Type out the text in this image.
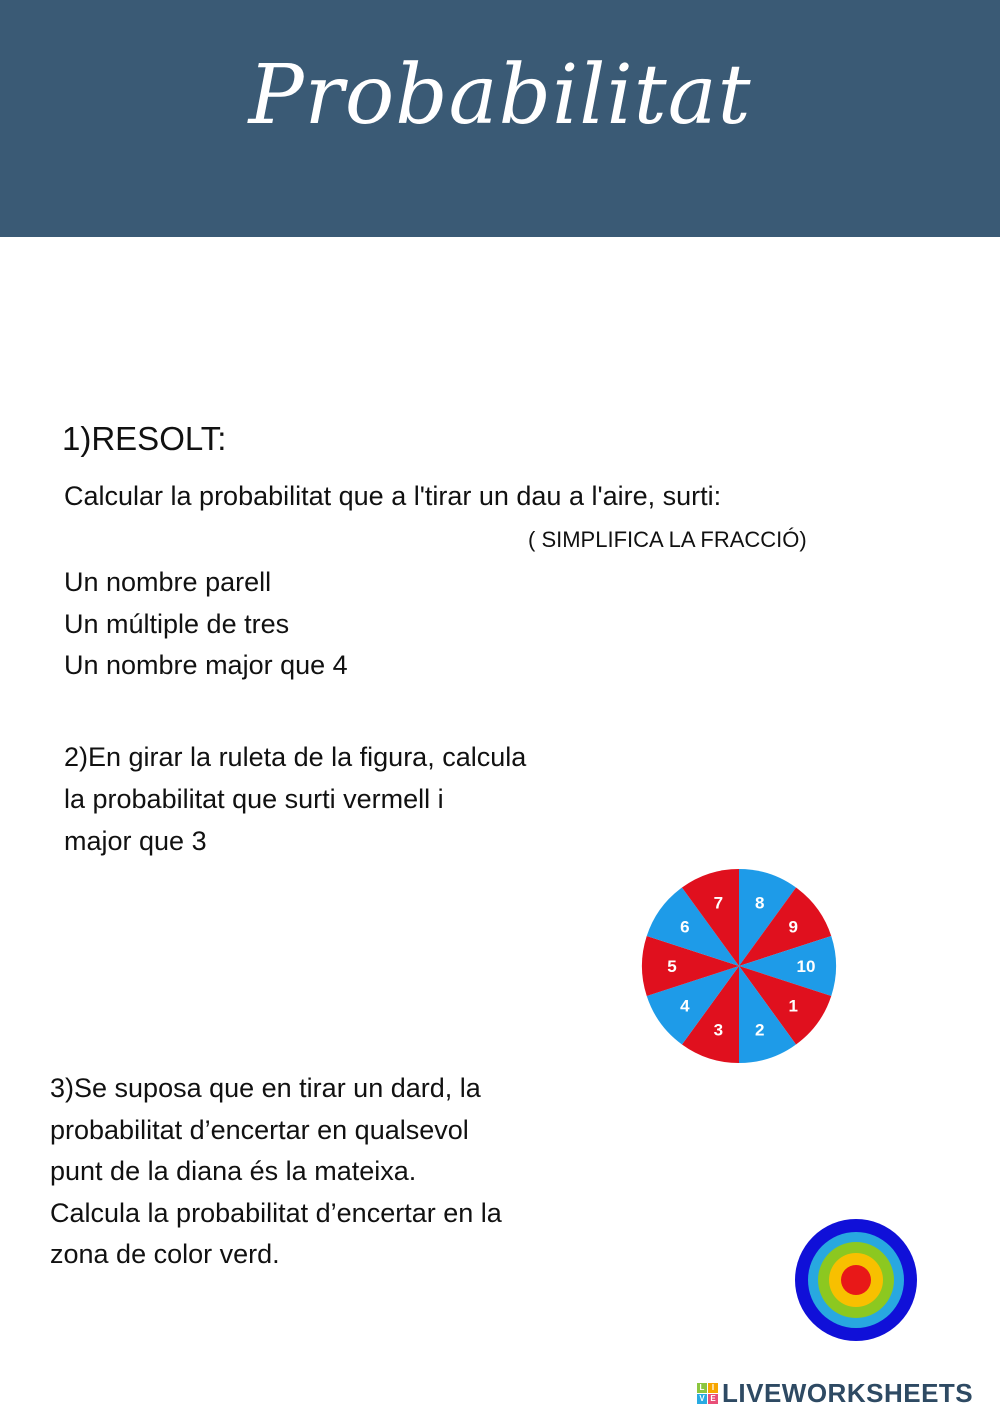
Probabilitat
1)RESOLT:
Calcular la probabilitat que a l'tirar un dau a l'aire, surti:
( SIMPLIFICA LA FRACCIÓ)
Un nombre parell
Un múltiple de tres
Un nombre major que 4
2)En girar la ruleta de la figura, calcula
la probabilitat que surti vermell i
major que 3
8
9
10
1
2
3
4
5
6
7
3)Se suposa que en tirar un dard, la
probabilitat d’encertar en qualsevol
punt de la diana és la mateixa.
Calcula la probabilitat d’encertar en la
zona de color verd.
L I
V E LIVEWORKSHEETS
